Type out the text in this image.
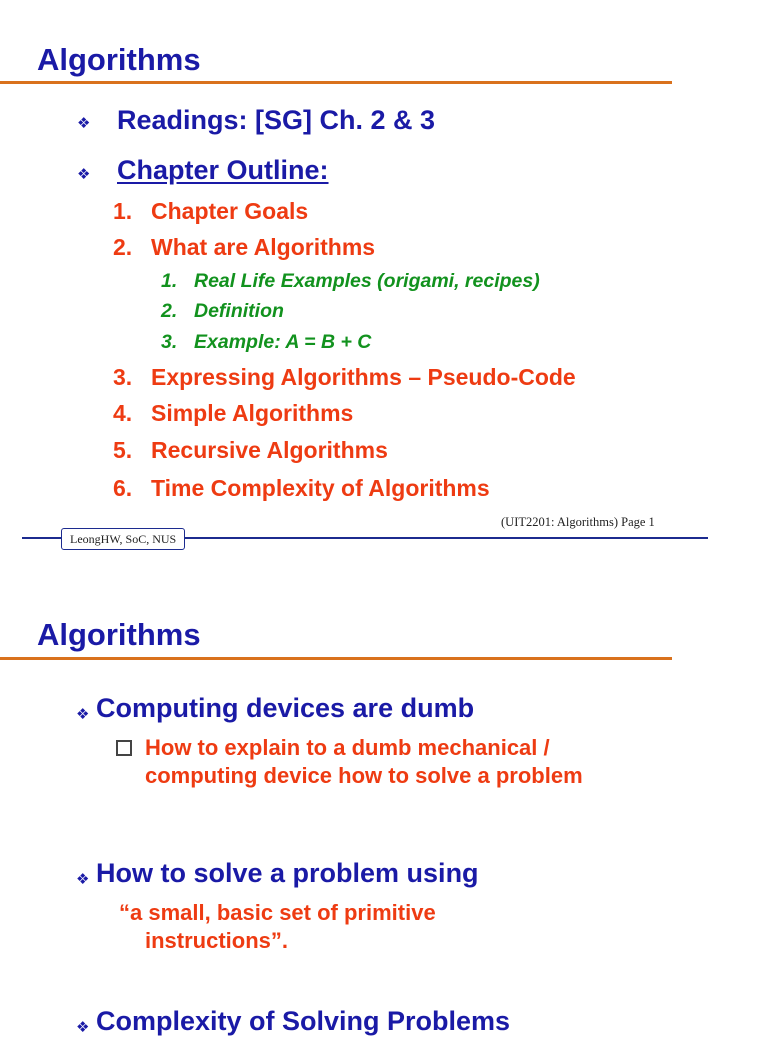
Algorithms
❖ Readings: [SG] Ch. 2 & 3
❖ Chapter Outline:
1. Chapter Goals
2. What are Algorithms
1. Real Life Examples (origami, recipes)
2. Definition
3. Example: A = B + C
3. Expressing Algorithms – Pseudo-Code
4. Simple Algorithms
5. Recursive Algorithms
6. Time Complexity of Algorithms
LeongHW, SoC, NUS
(UIT2201: Algorithms) Page 1
Algorithms
❖ Computing devices are dumb
How to explain to a dumb mechanical /
computing device how to solve a problem
❖ How to solve a problem using
“a small, basic set of primitive
instructions”.
❖ Complexity of Solving Problems
